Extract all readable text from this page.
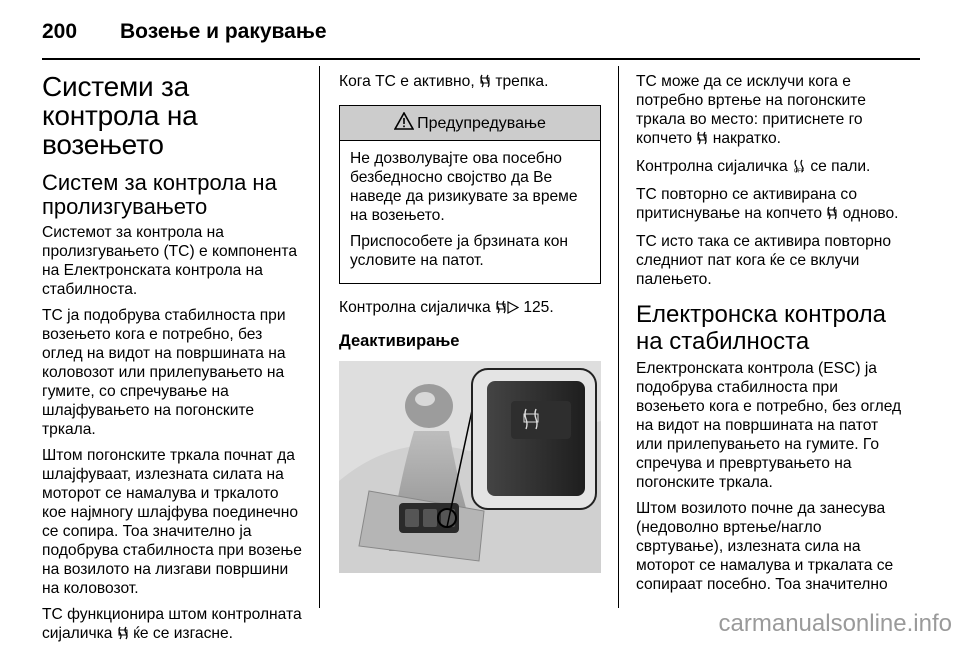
200 Возење и ракување
Системи за контрола на возењето
Систем за контрола на пролизгувањето

Системот за контрола на пролизгувањето (ТС) е компонента на Електронската контрола на стабилноста.

ТС ја подобрува стабилноста при возењето кога е потребно, без оглед на видот на површината на коловозот или прилепувањето на гумите, со спречување на шлајфувањето на погонските тркала.

Штом погонските тркала почнат да шлајфуваат, излезната силата на моторот се намалува и тркалото кое најмногу шлајфува поединечно се сопира. Тоа значително ја подобрува стабилноста при возење на возилото на лизгави површини на коловозот.

ТС функционира штом контролната сијаличка  ќе се изгасне.

Кога ТС е активно,  трепка.

Предупредување

Не дозволувајте ова посебно безбедносно својство да Ве наведе да ризикувате за време на возењето.

Приспособете ја брзината кон условите на патот.

Контролна сијаличка  125.

Деактивирање

ТС може да се исклучи кога е потребно вртење на погонските тркала во место: притиснете го копчето  накратко.

Контролна сијаличка OFF се пали.

ТС повторно се активирана со притиснување на копчето  одново.

ТС исто така се активира повторно следниот пат кога ќе се вклучи палењето.

Електронска контрола на стабилноста

Електронската контрола (ESC) ја подобрува стабилноста при возењето кога е потребно, без оглед на видот на површината на патот или прилепувањето на гумите. Го спречува и превртувањето на погонските тркала.

Штом возилото почне да занесува (недоволно вртење/нагло свртување), излезната сила на моторот се намалува и тркалата се сопираат посебно. Тоа значително

carmanualsonline.info
